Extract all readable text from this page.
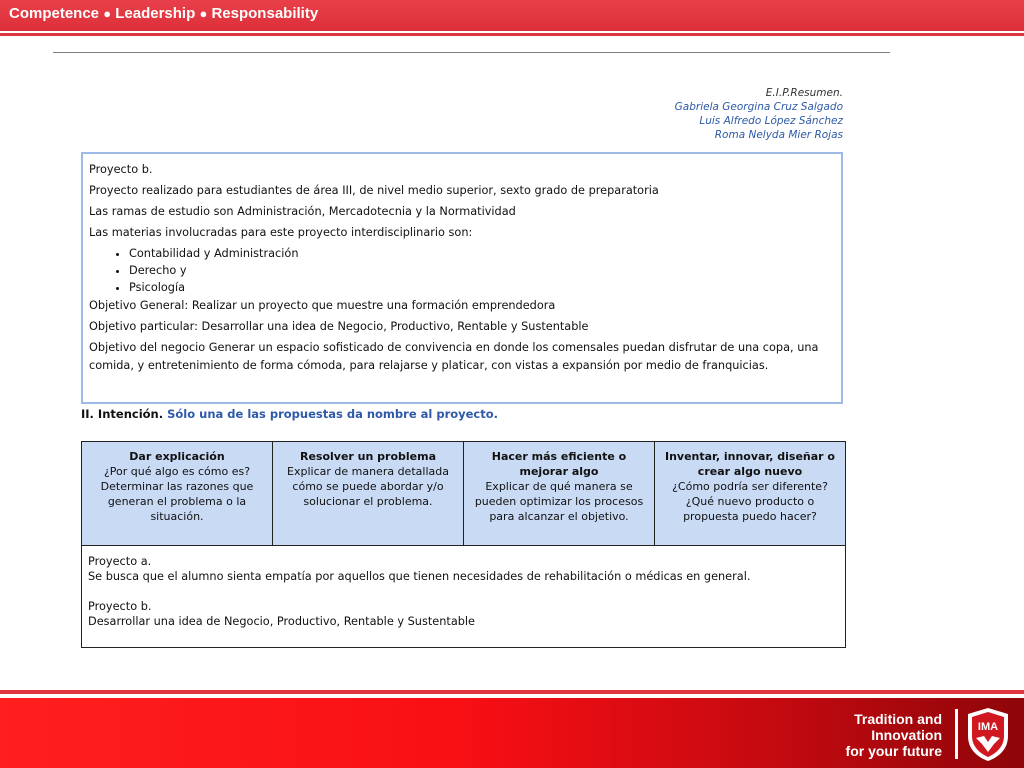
Competence ● Leadership ● Responsability
E.I.P.Resumen.
Gabriela Georgina Cruz Salgado
Luis Alfredo López Sánchez
Roma Nelyda Mier Rojas

Proyecto b.

Proyecto realizado para estudiantes de área III, de nivel medio superior, sexto grado de preparatoria

Las ramas de estudio son Administración, Mercadotecnia y la Normatividad

Las materias involucradas para este proyecto interdisciplinario son:

• Contabilidad y Administración
• Derecho y
• Psicología

Objetivo General: Realizar un proyecto que muestre una formación emprendedora

Objetivo particular: Desarrollar una idea de Negocio, Productivo, Rentable y Sustentable

Objetivo del negocio Generar un espacio sofisticado de convivencia en donde los comensales puedan disfrutar de una copa, una comida, y entretenimiento de forma cómoda, para relajarse y platicar, con vistas a expansión por medio de franquicias.

II. Intención. Sólo una de las propuestas da nombre al proyecto.
Dar explicación
¿Por qué algo es cómo es? Determinar las razones que generan el problema o la situación.
Resolver un problema
Explicar de manera detallada cómo se puede abordar y/o solucionar el problema.
Hacer más eficiente o mejorar algo
Explicar de qué manera se pueden optimizar los procesos para alcanzar el objetivo.
Inventar, innovar, diseñar o crear algo nuevo
¿Cómo podría ser diferente? ¿Qué nuevo producto o propuesta puedo hacer?

Proyecto a.
Se busca que el alumno sienta empatía por aquellos que tienen necesidades de rehabilitación o médicas en general.

Proyecto b.
Desarrollar una idea de Negocio, Productivo, Rentable y Sustentable

Tradition and
Innovation
for your future
IMA
